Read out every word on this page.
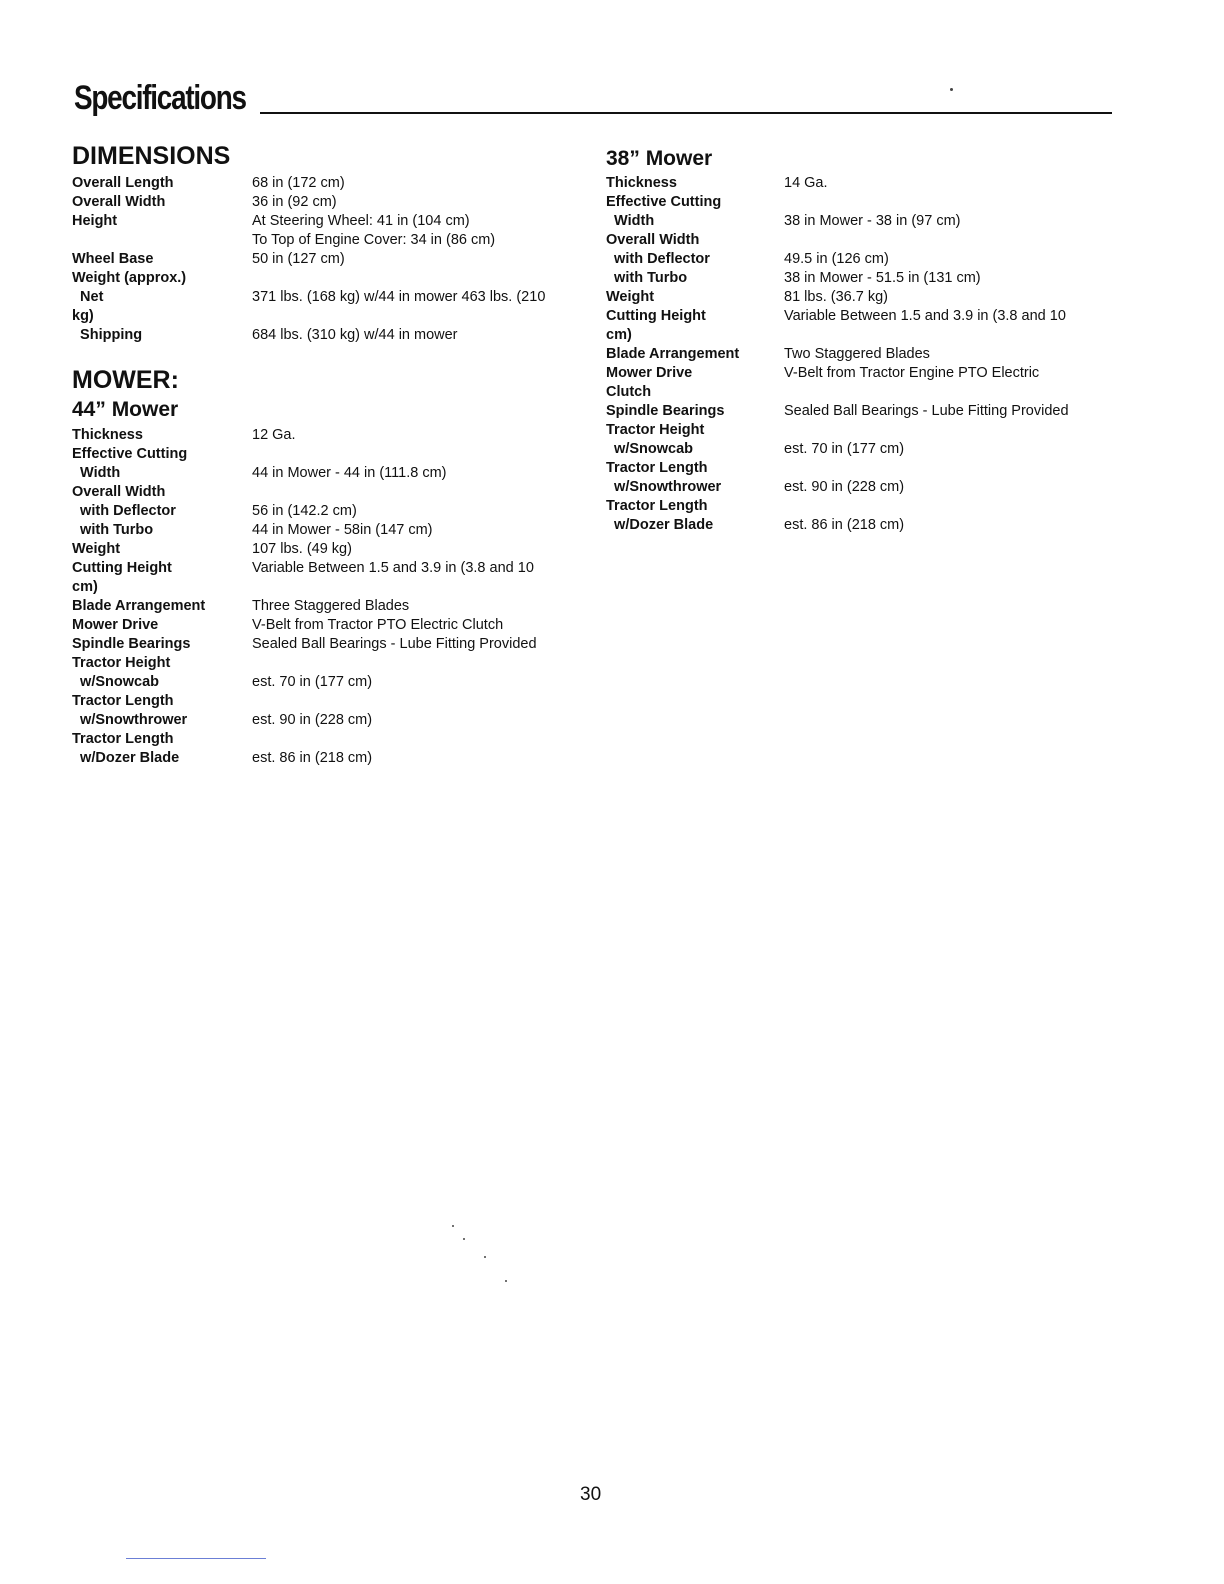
Specifications
DIMENSIONS
Overall Length	68 in (172 cm)
Overall Width	36 in (92 cm)
Height	At Steering Wheel: 41 in (104 cm)
To Top of Engine Cover: 34 in (86 cm)
Wheel Base	50 in (127 cm)
Weight (approx.)
Net	371 lbs. (168 kg) w/44 in mower 463 lbs. (210
kg)
Shipping	684 lbs. (310 kg) w/44 in mower
MOWER:
44” Mower
Thickness	12 Ga.
Effective Cutting
Width	44 in Mower - 44 in (111.8 cm)
Overall Width
with Deflector	56 in (142.2 cm)
with Turbo	44 in Mower - 58in (147 cm)
Weight	107 lbs. (49 kg)
Cutting Height	Variable Between 1.5 and 3.9 in (3.8 and 10
cm)
Blade Arrangement	Three Staggered Blades
Mower Drive	V-Belt from Tractor PTO Electric Clutch
Spindle Bearings	Sealed Ball Bearings - Lube Fitting Provided
Tractor Height
w/Snowcab	est. 70 in (177 cm)
Tractor Length
w/Snowthrower	est. 90 in (228 cm)
Tractor Length
w/Dozer Blade	est. 86 in (218 cm)
38” Mower
Thickness	14 Ga.
Effective Cutting
Width	38 in Mower - 38 in (97 cm)
Overall Width
with Deflector	49.5 in (126 cm)
with Turbo	38 in Mower - 51.5 in (131 cm)
Weight	81 lbs. (36.7 kg)
Cutting Height	Variable Between 1.5 and 3.9 in (3.8 and 10
cm)
Blade Arrangement	Two Staggered Blades
Mower Drive	V-Belt from Tractor Engine PTO Electric
Clutch
Spindle Bearings	Sealed Ball Bearings - Lube Fitting Provided
Tractor Height
w/Snowcab	est. 70 in (177 cm)
Tractor Length
w/Snowthrower	est. 90 in (228 cm)
Tractor Length
w/Dozer Blade	est. 86 in (218 cm)
30
